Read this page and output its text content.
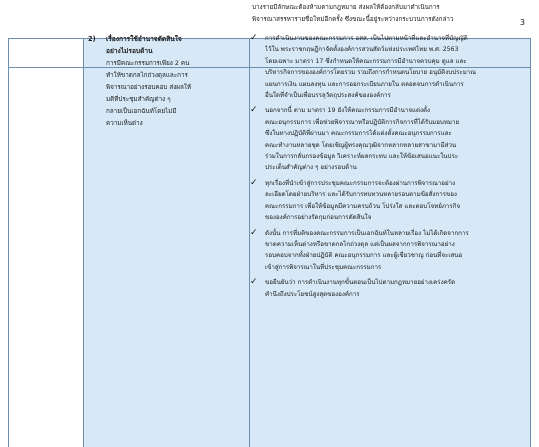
3
บางรายมีลักษณะต้องห้ามตามกฎหมาย ส่งผลให้ต้องกลับมาดำเนินการ
พิจารณาสรรหารายชื่อใหม่อีกครั้ง ซึ่งขณะนี้อยู่ระหว่างกระบวนการดังกล่าว
2) เรื่องการใช้อำนาจตัดสินใจ
อย่างไม่รอบด้าน
การมีคณะกรรมการเพียง 2 คน
ทำให้ขาดกลไกถ่วงดุลและการ
พิจารณาอย่างรอบคอบ ส่งผลให้
มติที่ประชุมสำคัญต่าง ๆ
กลายเป็นเอกฉันท์โดยไม่มี
ความเห็นต่าง
✓ การดำเนินงานของคณะกรรมการ อสส. เป็นไปตามหน้าที่และอำนาจที่บัญญัติ
ไว้ใน พระราชกฤษฎีกาจัดตั้งองค์การสวนสัตว์แห่งประเทศไทย พ.ศ. 2563
โดยเฉพาะ มาตรา 17 ซึ่งกำหนดให้คณะกรรมการมีอำนาจควบคุม ดูแล และ
บริหารกิจการขององค์การโดยรวม รวมถึงการกำหนดนโยบาย อนุมัติงบประมาณ
แผนการเงิน แผนลงทุน และการออกระเบียบภายใน ตลอดจนการดำเนินการ
อื่นใดที่จำเป็นเพื่อบรรลุวัตถุประสงค์ขององค์การ
✓ นอกจากนี้ ตาม มาตรา 19 ยังให้คณะกรรมการมีอำนาจแต่งตั้ง
คณะอนุกรรมการ เพื่อช่วยพิจารณาหรือปฏิบัติการกิจการที่ได้รับมอบหมาย
ซึ่งในทางปฏิบัติที่ผ่านมา คณะกรรมการได้แต่งตั้งคณะอนุกรรมการและ
คณะทำงานหลายชุด โดยเชิญผู้ทรงคุณวุฒิจากหลากหลายสาขามามีส่วน
ร่วมในการกลั่นกรองข้อมูล วิเคราะห์ผลกระทบ และให้ข้อเสนอแนะในประ
ประเด็นสำคัญต่าง ๆ อย่างรอบด้าน
✓ ทุกเรื่องที่นำเข้าสู่การประชุมคณะกรรมการจะต้องผ่านการพิจารณาอย่าง
ละเอียดโดยฝ่ายบริหาร และได้รับการทบทวนหลายรอบตามข้อสั่งการของ
คณะกรรมการ เพื่อให้ข้อมูลมีความครบถ้วน โปร่งใส และตอบโจทย์ภารกิจ
ขององค์การอย่างรัดกุมก่อนการตัดสินใจ
✓ ดังนั้น การที่มติของคณะกรรมการเป็นเอกฉันท์ในหลายเรื่อง ไม่ได้เกิดจากการ
ขาดความเห็นต่างหรือขาดกลไกถ่วงดุล แต่เป็นผลจากการพิจารณาอย่าง
รอบคอบจากทั้งฝ่ายปฏิบัติ คณะอนุกรรมการ และผู้เชี่ยวชาญ ก่อนที่จะเสนอ
เข้าสู่การพิจารณาในที่ประชุมคณะกรรมการ
✓ ขอยืนยันว่า การดำเนินงานทุกขั้นตอนเป็นไปตามกฎหมายอย่างเคร่งครัด
คำนึงถึงประโยชน์สูงสุดขององค์การ
